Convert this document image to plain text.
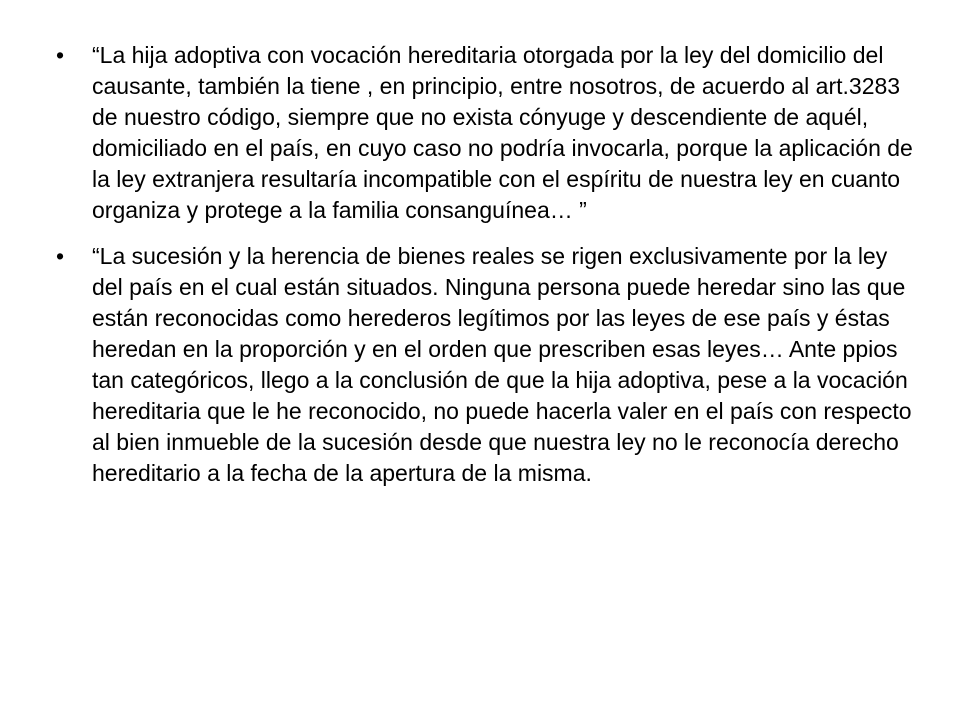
•	“La hija adoptiva con vocación hereditaria otorgada por la ley del domicilio del causante, también la tiene , en principio, entre nosotros, de acuerdo al art.3283 de nuestro código, siempre que no exista cónyuge y descendiente de aquél, domiciliado en el país, en cuyo caso no podría invocarla, porque la aplicación de la ley extranjera resultaría incompatible con el espíritu de nuestra ley en cuanto organiza y protege a la familia consanguínea… ”
•	“La sucesión y la herencia de bienes reales se rigen exclusivamente por la ley del país en el cual están situados. Ninguna persona puede heredar sino las que están reconocidas como herederos legítimos por las leyes de ese país y éstas heredan en la proporción y en el orden que prescriben esas leyes… Ante ppios tan categóricos, llego a la conclusión de que la hija adoptiva, pese a la vocación hereditaria que le he reconocido, no puede hacerla valer en el país con respecto al bien inmueble de la sucesión desde que nuestra ley no le reconocía derecho hereditario a la fecha de la apertura de la misma.
